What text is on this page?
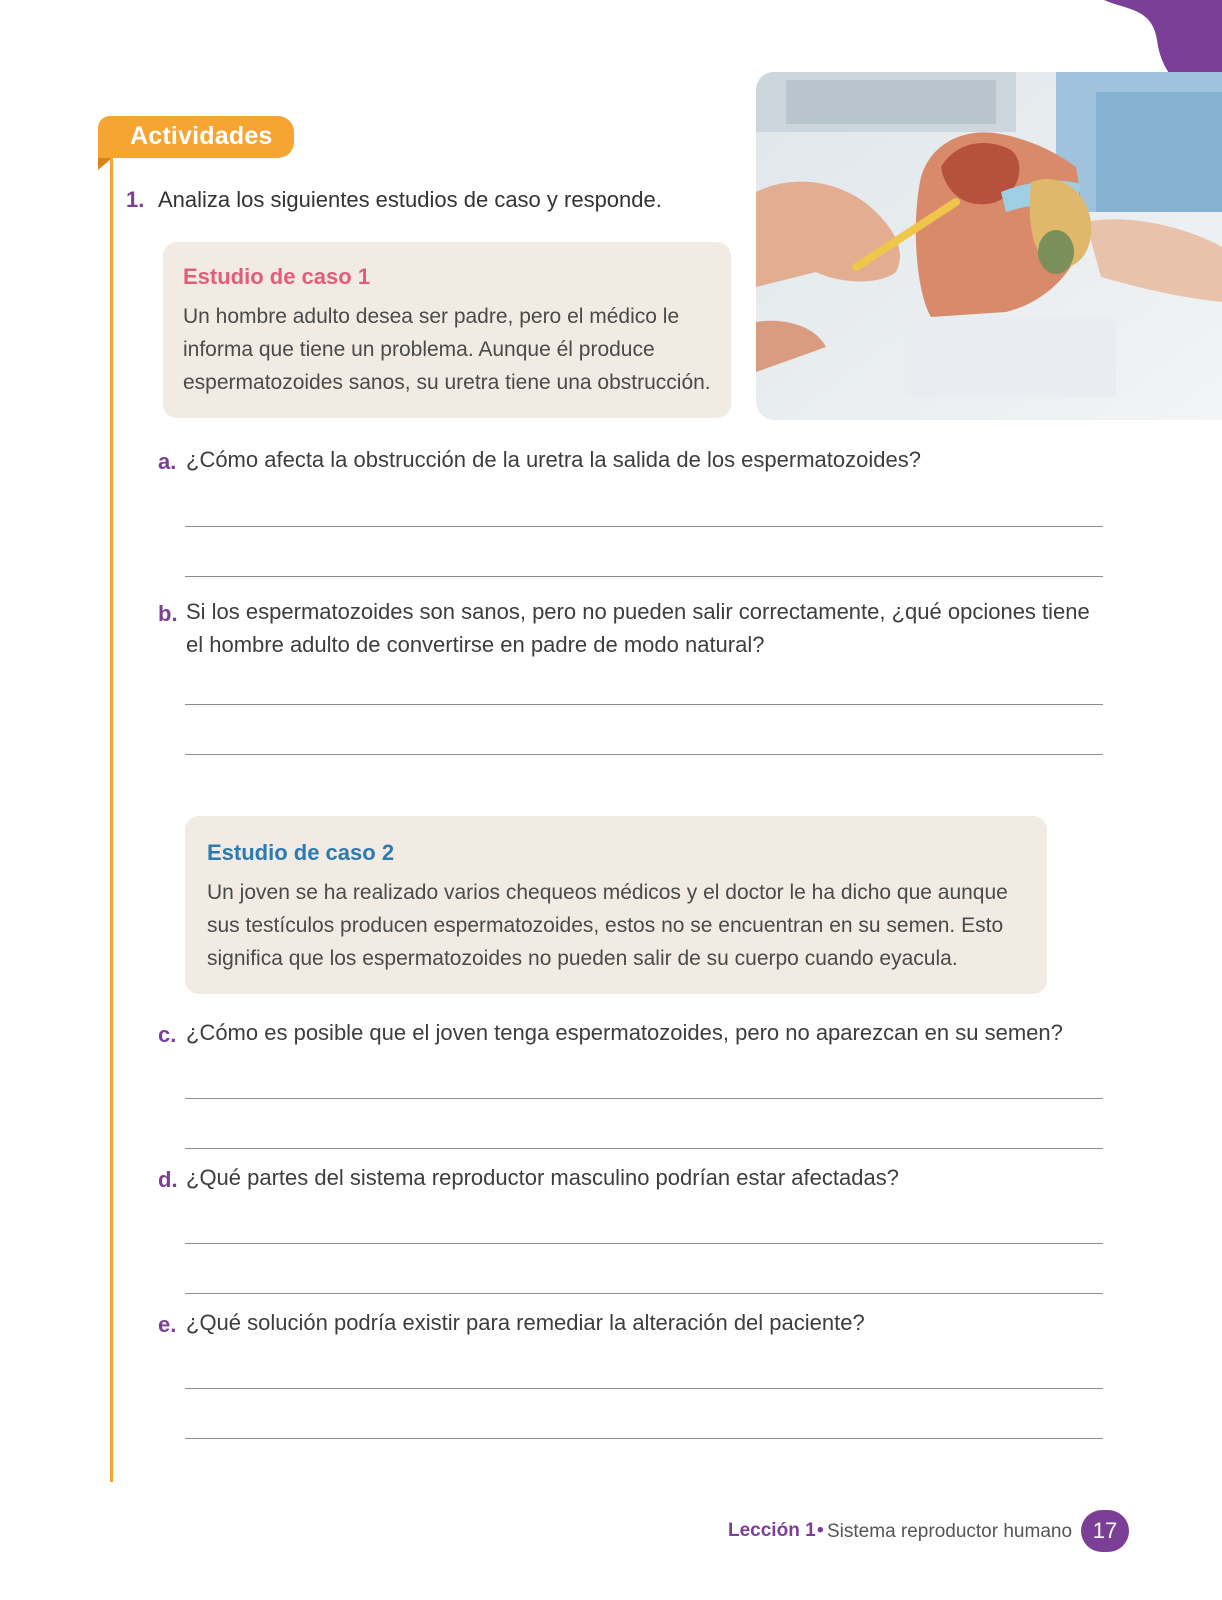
Actividades
1. Analiza los siguientes estudios de caso y responde.
Estudio de caso 1
Un hombre adulto desea ser padre, pero el médico le informa que tiene un problema. Aunque él produce espermatozoides sanos, su uretra tiene una obstrucción.
a. ¿Cómo afecta la obstrucción de la uretra la salida de los espermatozoides?
b. Si los espermatozoides son sanos, pero no pueden salir correctamente, ¿qué opciones tiene el hombre adulto de convertirse en padre de modo natural?
Estudio de caso 2
Un joven se ha realizado varios chequeos médicos y el doctor le ha dicho que aunque sus testículos producen espermatozoides, estos no se encuentran en su semen. Esto significa que los espermatozoides no pueden salir de su cuerpo cuando eyacula.
c. ¿Cómo es posible que el joven tenga espermatozoides, pero no aparezcan en su semen?
d. ¿Qué partes del sistema reproductor masculino podrían estar afectadas?
e. ¿Qué solución podría existir para remediar la alteración del paciente?
Lección 1 • Sistema reproductor humano 17
